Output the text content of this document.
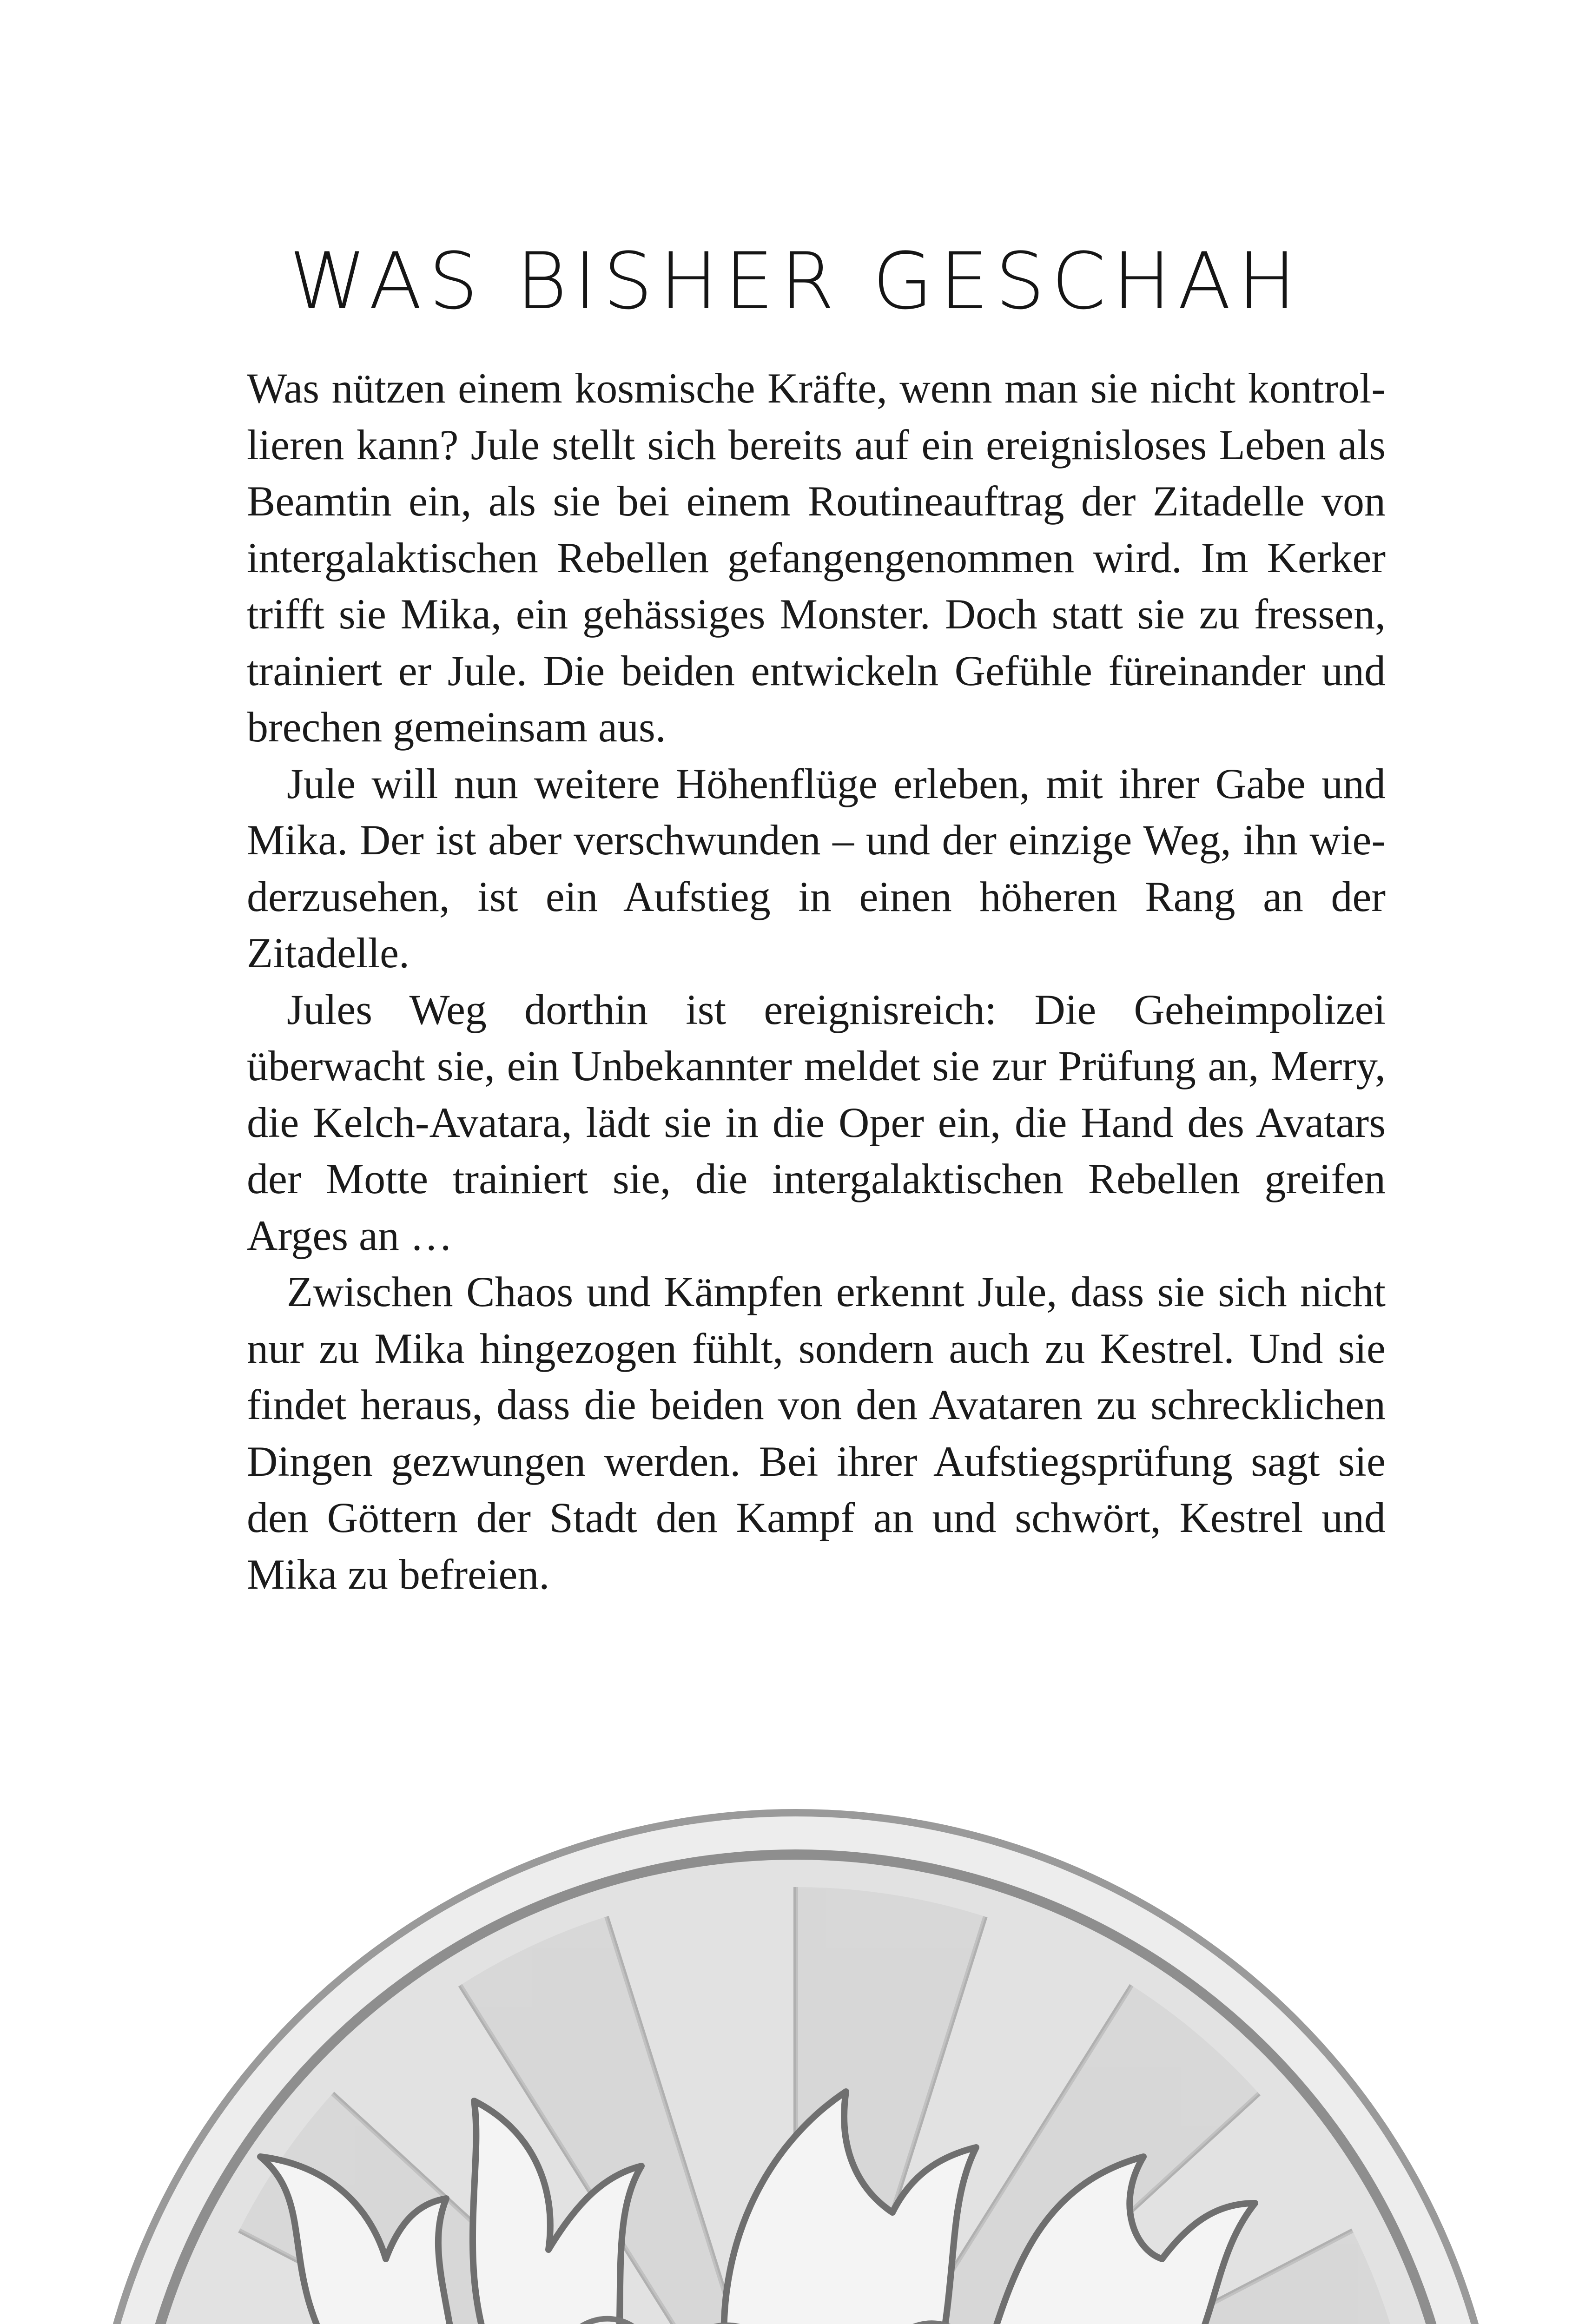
WAS BISHER GESCHAH

Was nützen einem kosmische Kräfte, wenn man sie nicht kontrollieren kann? Jule stellt sich bereits auf ein ereignisloses Leben als Beamtin ein, als sie bei einem Routineauftrag der Zitadelle von intergalaktischen Rebellen gefangengenommen wird. Im Kerker trifft sie Mika, ein gehässiges Monster. Doch statt sie zu fressen, trainiert er Jule. Die beiden entwickeln Gefühle füreinander und brechen gemeinsam aus.

Jule will nun weitere Höhenflüge erleben, mit ihrer Gabe und Mika. Der ist aber verschwunden – und der einzige Weg, ihn wiederzusehen, ist ein Aufstieg in einen höheren Rang an der Zitadelle.

Jules Weg dorthin ist ereignisreich: Die Geheimpolizei überwacht sie, ein Unbekannter meldet sie zur Prüfung an, Merry, die Kelch-Avatara, lädt sie in die Oper ein, die Hand des Avatars der Motte trainiert sie, die intergalaktischen Rebellen greifen Arges an …

Zwischen Chaos und Kämpfen erkennt Jule, dass sie sich nicht nur zu Mika hingezogen fühlt, sondern auch zu Kestrel. Und sie findet heraus, dass die beiden von den Avataren zu schrecklichen Dingen gezwungen werden. Bei ihrer Aufstiegsprüfung sagt sie den Göttern der Stadt den Kampf an und schwört, Kestrel und Mika zu befreien.
